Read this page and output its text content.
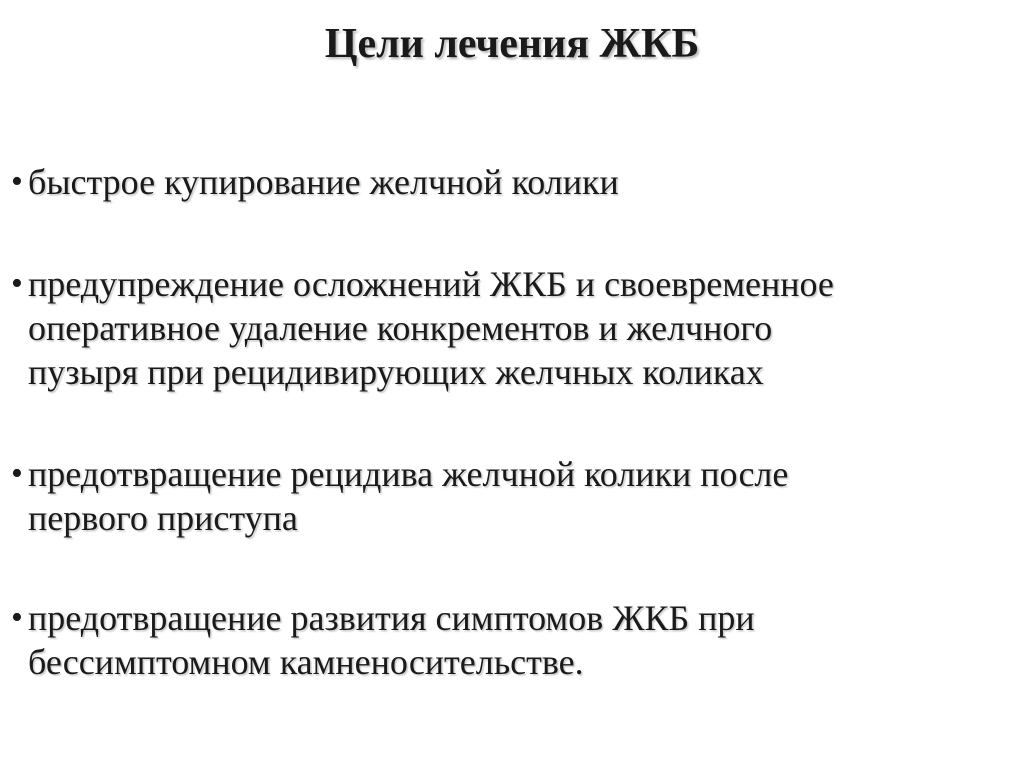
Цели лечения ЖКБ
• быстрое купирование желчной колики
• предупреждение осложнений ЖКБ и своевременное
оперативное удаление конкрементов и желчного
пузыря при рецидивирующих желчных коликах
• предотвращение рецидива желчной колики после
первого приступа
• предотвращение развития симптомов ЖКБ при
бессимптомном камненосительстве.
